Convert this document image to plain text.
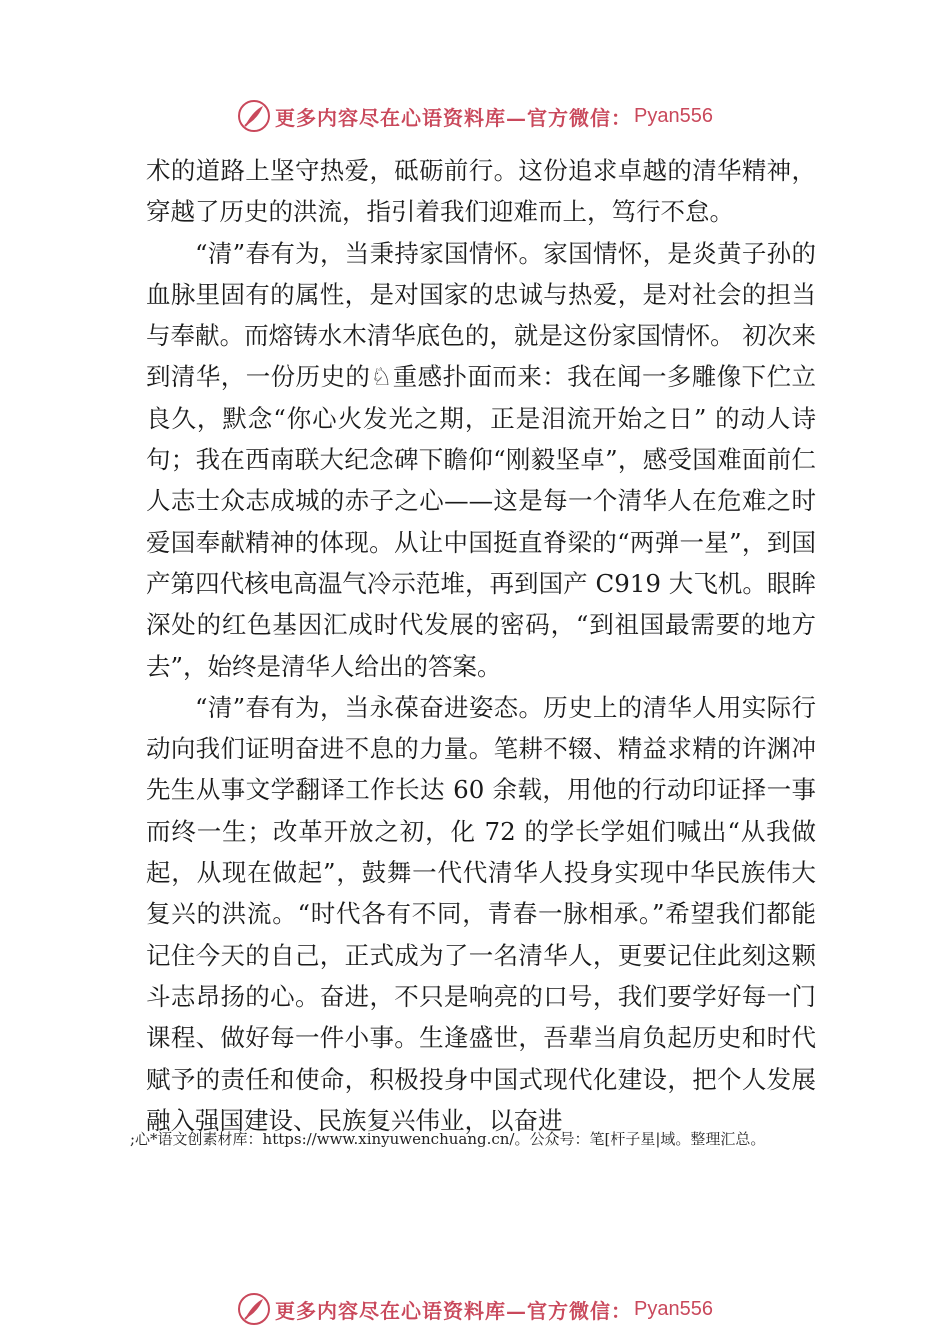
更多内容尽在心语资料库—官方微信： Pyan556

术的道路上坚守热爱，砥砺前行。这份追求卓越的清华精神，穿越了历史的洪流，指引着我们迎难而上，笃行不怠。

“清”春有为，当秉持家国情怀。家国情怀，是炎黄子孙的血脉里固有的属性，是对国家的忠诚与热爱，是对社会的担当与奉献。而熔铸水木清华底色的，就是这份家国情怀。 初次来到清华，一份历史的♘重感扑面而来：我在闻一多雕像下伫立良久，默念“你心火发光之期，正是泪流开始之日” 的动人诗句；我在西南联大纪念碑下瞻仰“刚毅坚卓”，感受国难面前仁人志士众志成城的赤子之心——这是每一个清华人在危难之时爱国奉献精神的体现。从让中国挺直脊梁的“两弹一星”，到国产第四代核电高温气冷示范堆，再到国产 C919 大飞机。眼眸深处的红色基因汇成时代发展的密码，“到祖国最需要的地方去”，始终是清华人给出的答案。

“清”春有为，当永葆奋进姿态。历史上的清华人用实际行动向我们证明奋进不息的力量。笔耕不辍、精益求精的许渊冲先生从事文学翻译工作长达 60 余载，用他的行动印证择一事而终一生；改革开放之初，化 72 的学长学姐们喊出“从我做起，从现在做起”，鼓舞一代代清华人投身实现中华民族伟大复兴的洪流。“时代各有不同，青春一脉相承。”希望我们都能记住今天的自己，正式成为了一名清华人，更要记住此刻这颗斗志昂扬的心。奋进，不只是响亮的口号，我们要学好每一门课程、做好每一件小事。生逢盛世，吾辈当肩负起历史和时代赋予的责任和使命，积极投身中国式现代化建设，把个人发展融入强国建设、民族复兴伟业，以奋进

;心*语文创素材库：https://www.xinyuwenchuang.cn/。公众号：笔[杆子星|域。整理汇总。
更多内容尽在心语资料库—官方微信： Pyan556
